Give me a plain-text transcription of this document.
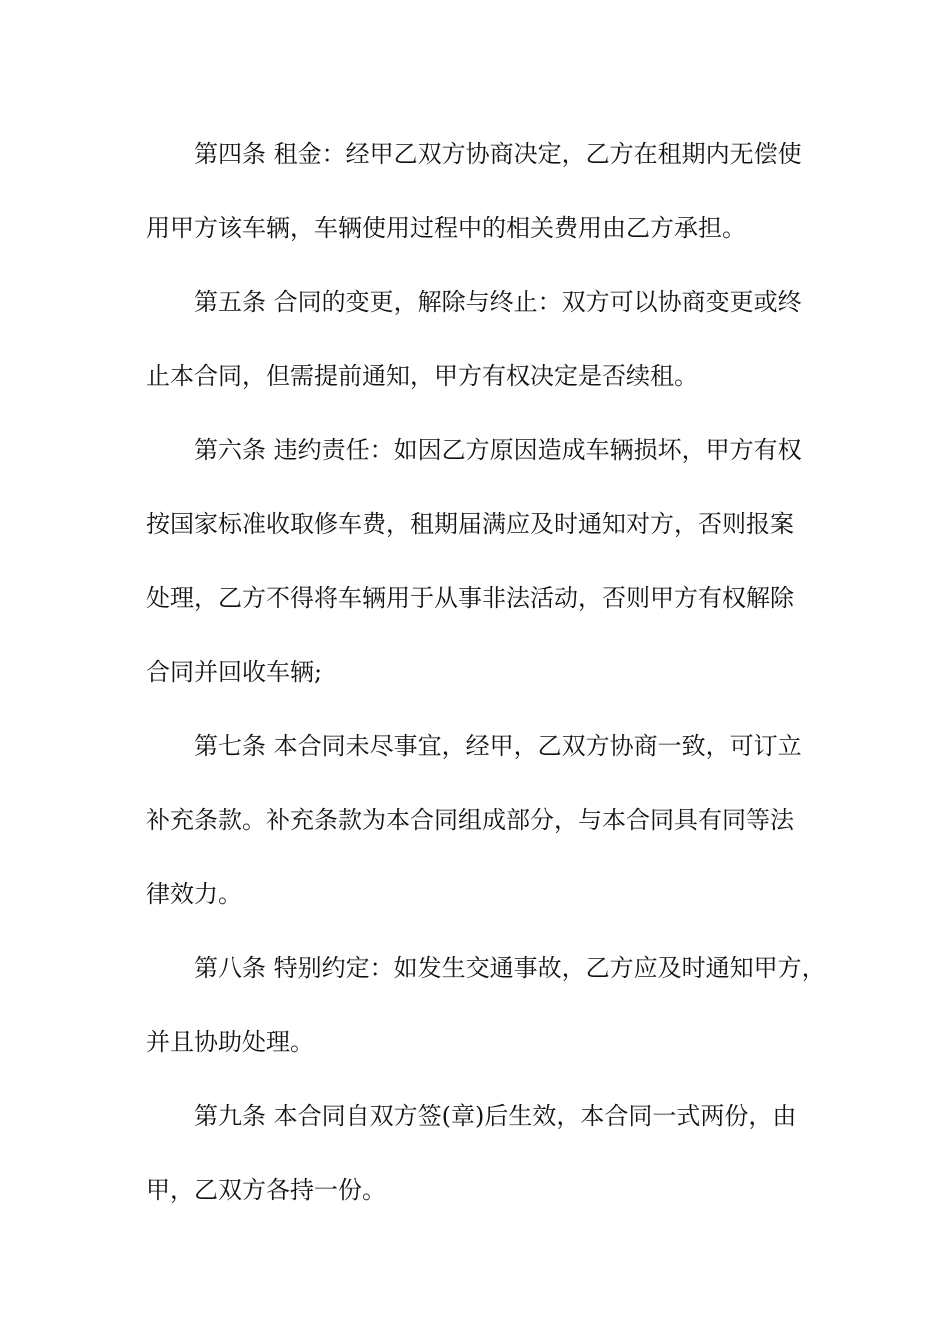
第四条 租金：经甲乙双方协商决定，乙方在租期内无偿使
用甲方该车辆，车辆使用过程中的相关费用由乙方承担。
第五条 合同的变更，解除与终止：双方可以协商变更或终
止本合同，但需提前通知，甲方有权决定是否续租。
第六条 违约责任：如因乙方原因造成车辆损坏，甲方有权
按国家标准收取修车费，租期届满应及时通知对方，否则报案
处理，乙方不得将车辆用于从事非法活动，否则甲方有权解除
合同并回收车辆;
第七条 本合同未尽事宜，经甲，乙双方协商一致，可订立
补充条款。补充条款为本合同组成部分，与本合同具有同等法
律效力。
第八条 特别约定：如发生交通事故，乙方应及时通知甲方，
并且协助处理。
第九条 本合同自双方签(章)后生效，本合同一式两份，由
甲，乙双方各持一份。
